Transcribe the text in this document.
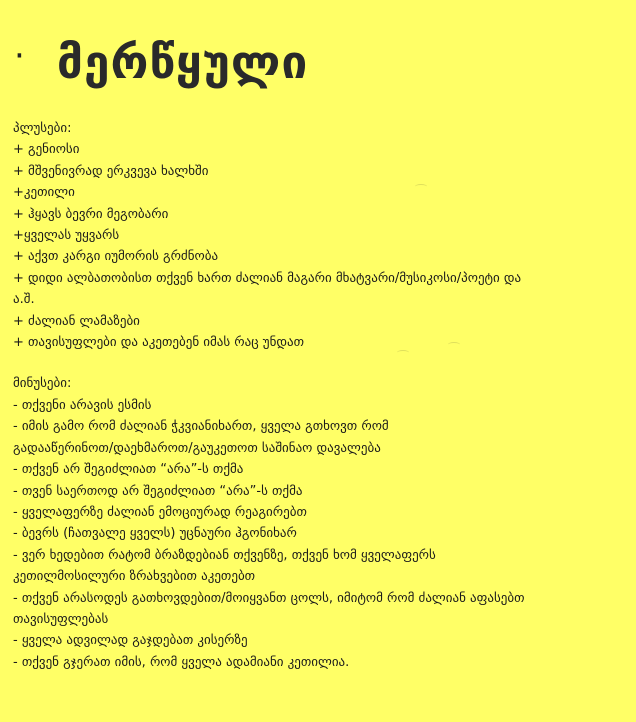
· მერწყული
პლუსები:
+ გენიოსი
+ მშვენივრად ერკვევა ხალხში
+კეთილი
+ ჰყავს ბევრი მეგობარი
+ყველას უყვარს
+ აქვთ კარგი იუმორის გრძნობა
+ დიდი ალბათობისთ თქვენ ხართ ძალიან მაგარი მხატვარი/მუსიკოსი/პოეტი და
ა.შ.
+ ძალიან ლამაზები
+ თავისუფლები და აკეთებენ იმას რაც უნდათ
მინუსები:
- თქვენი არავის ესმის
- იმის გამო რომ ძალიან ჭკვიანიხართ, ყველა გთხოვთ რომ
გადააწერინოთ/დაეხმაროთ/გაუკეთოთ საშინაო დავალება
- თქვენ არ შეგიძლიათ “არა”-ს თქმა
- თვენ საერთოდ არ შეგიძლიათ “არა”-ს თქმა
- ყველაფერზე ძალიან ემოციურად რეაგირებთ
- ბევრს (ჩათვალე ყველს) უცნაური ჰგონიხარ
- ვერ ხედებით რატომ ბრაზდებიან თქვენზე, თქვენ ხომ ყველაფერს
კეთილმოსილური ზრახვებით აკეთებთ
- თქვენ არასოდეს გათხოვდებით/მოიყვანთ ცოლს, იმიტომ რომ ძალიან აფასებთ
თავისუფლებას
- ყველა ადვილად გაჯდებათ კისერზე
- თქვენ გჯერათ იმის, რომ ყველა ადამიანი კეთილია.
